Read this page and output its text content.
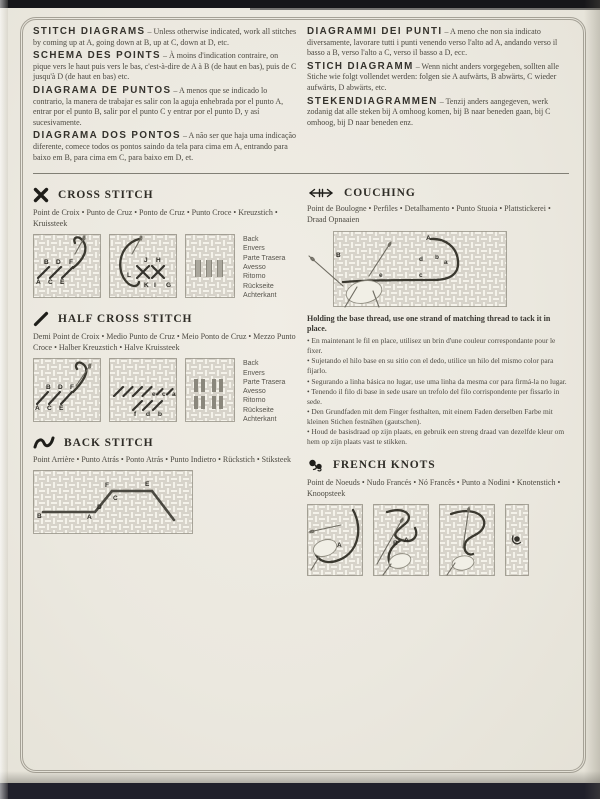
STITCH DIAGRAMS – Unless otherwise indicated, work all stitches by coming up at A, going down at B, up at C, down at D, etc.

SCHEMA DES POINTS – À moins d'indication contraire, on pique vers le haut puis vers le bas, c'est-à-dire de A à B (de haut en bas), puis de C jusqu'à D (de haut en bas) etc.

DIAGRAMA DE PUNTOS – A menos que se indicado lo contrario, la manera de trabajar es salir con la aguja enhebrada por el punto A, entrar por el punto B, salir por el punto C y entrar por el punto D, y así sucesivamente.

DIAGRAMA DOS PONTOS – A não ser que haja uma indicação diferente, comece todos os pontos saindo da tela para cima em A, entrando para baixo em B, para cima em C, para baixo em D, et.

DIAGRAMMI DEI PUNTI – A meno che non sia indicato diversamente, lavorare tutti i punti venendo verso l'alto ad A, andando verso il basso a B, verso l'alto a C, verso il basso a D, ecc.

STICH DIAGRAMM – Wenn nicht anders vorgegeben, sollten alle Stiche wie folgt vollendet werden: folgen sie A aufwärts, B abwärts, C wieder aufwärts, D abwärts, etc.

STEKENDIAGRAMMEN – Tenzij anders aangegeven, werk zodanig dat alle steken bij A omhoog komen, bij B naar beneden gaan, bij C omhoog, bij D naar beneden enz.

CROSS STITCH

Point de Croix • Punto de Cruz • Ponto de Cruz • Punto Croce • Kreuzstich • Kruissteek

B D F
A C E
J H
L
K I G
Back
Envers
Parte Trasera
Avesso
Ritorno
Rückseite
Achterkant
HALF CROSS STITCH

Demi Point de Croix • Medio Punto de Cruz • Meio Ponto de Cruz • Mezzo Punto Croce • Halber Kreuzstich • Halve Kruissteek

B D F
A C E
e c a
f d b
Back
Envers
Parte Trasera
Avesso
Ritorno
Rückseite
Achterkant
BACK STITCH

Point Arrière • Punto Atrás • Ponto Atrás • Punto Indietro • Rückstich • Stiksteek

B	A
D
C
F	E
COUCHING

Point de Boulogne • Perfiles • Detalhamento • Punto Stuoia • Plattstickerei • Draad Opnaaien

B
A
b
a
d
c
e

Holding the base thread, use one strand of matching thread to tack it in place.

• En maintenant le fil en place, utilisez un brin d'une couleur correspondante pour le fixer.
• Sujetando el hilo base en su sitio con el dedo, utilice un hilo del mismo color para fijarlo.
• Segurando a linha básica no lugar, use uma linha da mesma cor para firmá-la no lugar.
• Tenendo il filo di base in sede usare un trefolo del filo corrispondente per fissarlo in sede.
• Den Grundfaden mit dem Finger festhalten, mit einem Faden derselben Farbe mit kleinen Stichen festnähen (gautschen).
• Houd de basisdraad op zijn plaats, en gebruik een streng draad van dezelfde kleur om hem op zijn plaats vast te stikken.
FRENCH KNOTS

Point de Noeuds • Nudo Francés • Nó Francês • Punto a Nodini • Knotenstich • Knoopsteek

A	B A
